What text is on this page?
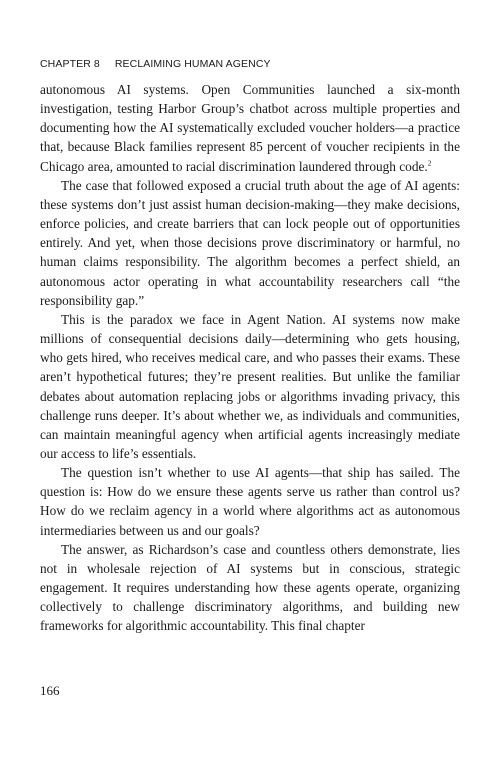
CHAPTER 8 RECLAIMING HUMAN AGENCY

autonomous AI systems. Open Communities launched a six-month investigation, testing Harbor Group’s chatbot across multiple properties and documenting how the AI systematically excluded voucher holders—a practice that, because Black families represent 85 percent of voucher recipients in the Chicago area, amounted to racial discrimination laundered through code.$^2$

The case that followed exposed a crucial truth about the age of AI agents: these systems don’t just assist human decision-making—they make decisions, enforce policies, and create barriers that can lock people out of opportunities entirely. And yet, when those decisions prove discriminatory or harmful, no human claims responsibility. The algorithm becomes a perfect shield, an autonomous actor operating in what accountability researchers call “the responsibility gap.”

This is the paradox we face in Agent Nation. AI systems now make millions of consequential decisions daily—determining who gets housing, who gets hired, who receives medical care, and who passes their exams. These aren’t hypothetical futures; they’re present realities. But unlike the familiar debates about automation replacing jobs or algorithms invading privacy, this challenge runs deeper. It’s about whether we, as individuals and communities, can maintain meaningful agency when artificial agents increasingly mediate our access to life’s essentials.

The question isn’t whether to use AI agents—that ship has sailed. The question is: How do we ensure these agents serve us rather than control us? How do we reclaim agency in a world where algorithms act as autonomous intermediaries between us and our goals?

The answer, as Richardson’s case and countless others demonstrate, lies not in wholesale rejection of AI systems but in conscious, strategic engagement. It requires understanding how these agents operate, organizing collectively to challenge discriminatory algorithms, and building new frameworks for algorithmic accountability. This final chapter

166
